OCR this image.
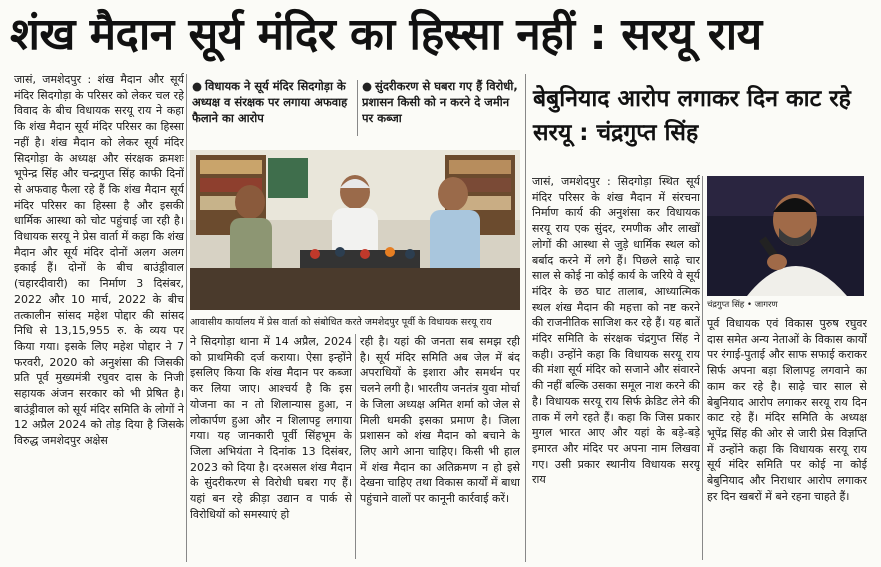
शंख मैदान सूर्य मंदिर का हिस्सा नहीं : सरयू राय

जासं, जमशेदपुर : शंख मैदान और सूर्य मंदिर सिदगोड़ा के परिसर को लेकर चल रहे विवाद के बीच विधायक सरयू राय ने कहा कि शंख मैदान सूर्य मंदिर परिसर का हिस्सा नहीं है। शंख मैदान को लेकर सूर्य मंदिर सिदगोड़ा के अध्यक्ष और संरक्षक क्रमशः भूपेन्द्र सिंह और चन्द्रगुप्त सिंह काफी दिनों से अफवाह फैला रहे हैं कि शंख मैदान सूर्य मंदिर परिसर का हिस्सा है और इसकी धार्मिक आस्था को चोट पहुंचाई जा रही है। विधायक सरयू ने प्रेस वार्ता में कहा कि शंख मैदान और सूर्य मंदिर दोनों अलग अलग इकाई हैं। दोनों के बीच बाउंड्रीवाल (चहारदीवारी) का निर्माण 3 दिसंबर, 2022 और 10 मार्च, 2022 के बीच तत्कालीन सांसद महेश पोद्दार की सांसद निधि से 13,15,955 रु. के व्यय पर किया गया। इसके लिए महेश पोद्दार ने 7 फरवरी, 2020 को अनुशंसा की जिसकी प्रति पूर्व मुख्यमंत्री रघुवर दास के निजी सहायक अंजन सरकार को भी प्रेषित है। बाउंड्रीवाल को सूर्य मंदिर समिति के लोगों ने 12 अप्रैल 2024 को तोड़ दिया है जिसके विरुद्ध जमशेदपुर अक्षेस

● विधायक ने सूर्य मंदिर सिदगोड़ा के अध्यक्ष व संरक्षक पर लगाया अफवाह फैलाने का आरोप
● सुंदरीकरण से घबरा गए हैं विरोधी, प्रशासन किसी को न करने दे जमीन पर कब्जा
आवासीय कार्यालय में प्रेस वार्ता को संबोधित करते जमशेदपुर पूर्वी के विधायक सरयू राय

ने सिदगोड़ा थाना में 14 अप्रैल, 2024 को प्राथमिकी दर्ज कराया। ऐसा इन्होंने इसलिए किया कि शंख मैदान पर कब्जा कर लिया जाए। आश्चर्य है कि इस योजना का न तो शिलान्यास हुआ, न लोकार्पण हुआ और न शिलापट्ट लगाया गया। यह जानकारी पूर्वी सिंहभूम के जिला अभियंता ने दिनांक 13 दिसंबर, 2023 को दिया है। दरअसल शंख मैदान के सुंदरीकरण से विरोधी घबरा गए हैं। यहां बन रहे क्रीड़ा उद्यान व पार्क से विरोधियों को समस्याएं हो

रही है। यहां की जनता सब समझ रही है। सूर्य मंदिर समिति अब जेल में बंद अपराधियों के इशारा और समर्थन पर चलने लगी है। भारतीय जनतंत्र युवा मोर्चा के जिला अध्यक्ष अमित शर्मा को जेल से मिली धमकी इसका प्रमाण है। जिला प्रशासन को शंख मैदान को बचाने के लिए आगे आना चाहिए। किसी भी हाल में शंख मैदान का अतिक्रमण न हो इसे देखना चाहिए तथा विकास कार्यों में बाधा पहुंचाने वालों पर कानूनी कार्रवाई करें।

बेबुनियाद आरोप लगाकर दिन काट रहे सरयू : चंद्रगुप्त सिंह

जासं, जमशेदपुर : सिदगोड़ा स्थित सूर्य मंदिर परिसर के शंख मैदान में संरचना निर्माण कार्य की अनुशंसा कर विधायक सरयू राय एक सुंदर, रमणीक और लाखों लोगों की आस्था से जुड़े धार्मिक स्थल को बर्बाद करने में लगे हैं। पिछले साढ़े चार साल से कोई ना कोई कार्य के जरिये वे सूर्य मंदिर के छठ घाट तालाब, आध्यात्मिक स्थल शंख मैदान की महत्ता को नष्ट करने की राजनीतिक साजिश कर रहे हैं। यह बातें मंदिर समिति के संरक्षक चंद्रगुप्त सिंह ने कही। उन्होंने कहा कि विधायक सरयू राय की मंशा सूर्य मंदिर को सजाने और संवारने की नहीं बल्कि उसका समूल नाश करने की है। विधायक सरयू राय सिर्फ क्रेडिट लेने की ताक में लगे रहते हैं। कहा कि जिस प्रकार मुगल भारत आए और यहां के बड़े-बड़े इमारत और मंदिर पर अपना नाम लिखवा गए। उसी प्रकार स्थानीय विधायक सरयू राय

चंद्रगुप्त सिंह • जागरण

पूर्व विधायक एवं विकास पुरुष रघुवर दास समेत अन्य नेताओं के विकास कार्यों पर रंगाई-पुताई और साफ सफाई कराकर सिर्फ अपना बड़ा शिलापट्ट लगवाने का काम कर रहे है। साढ़े चार साल से बेबुनियाद आरोप लगाकर सरयू राय दिन काट रहे हैं। मंदिर समिति के अध्यक्ष भूपेंद्र सिंह की ओर से जारी प्रेस विज्ञप्ति में उन्होंने कहा कि विधायक सरयू राय सूर्य मंदिर समिति पर कोई ना कोई बेबुनियाद और निराधार आरोप लगाकर हर दिन खबरों में बने रहना चाहते हैं।
